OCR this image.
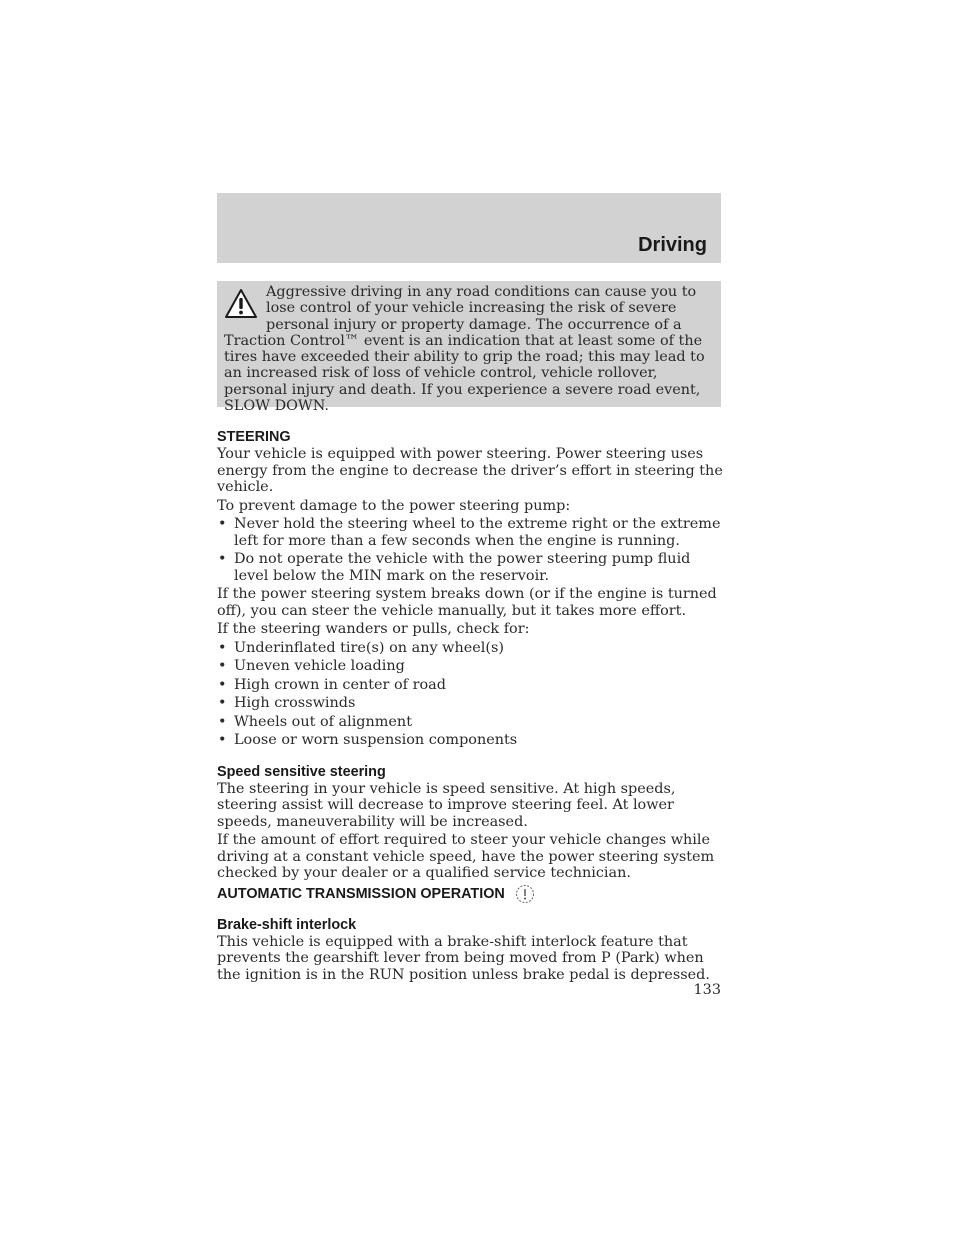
Driving
Aggressive driving in any road conditions can cause you to lose control of your vehicle increasing the risk of severe personal injury or property damage. The occurrence of a Traction Control™ event is an indication that at least some of the tires have exceeded their ability to grip the road; this may lead to an increased risk of loss of vehicle control, vehicle rollover, personal injury and death. If you experience a severe road event, SLOW DOWN.
STEERING

Your vehicle is equipped with power steering. Power steering uses energy from the engine to decrease the driver’s effort in steering the vehicle.

To prevent damage to the power steering pump:

• Never hold the steering wheel to the extreme right or the extreme left for more than a few seconds when the engine is running.
• Do not operate the vehicle with the power steering pump fluid level below the MIN mark on the reservoir.

If the power steering system breaks down (or if the engine is turned off), you can steer the vehicle manually, but it takes more effort.

If the steering wanders or pulls, check for:

• Underinflated tire(s) on any wheel(s)
• Uneven vehicle loading
• High crown in center of road
• High crosswinds
• Wheels out of alignment
• Loose or worn suspension components
Speed sensitive steering

The steering in your vehicle is speed sensitive. At high speeds, steering assist will decrease to improve steering feel. At lower speeds, maneuverability will be increased.

If the amount of effort required to steer your vehicle changes while driving at a constant vehicle speed, have the power steering system checked by your dealer or a qualified service technician.

AUTOMATIC TRANSMISSION OPERATION
Brake-shift interlock

This vehicle is equipped with a brake-shift interlock feature that prevents the gearshift lever from being moved from P (Park) when the ignition is in the RUN position unless brake pedal is depressed.

133
